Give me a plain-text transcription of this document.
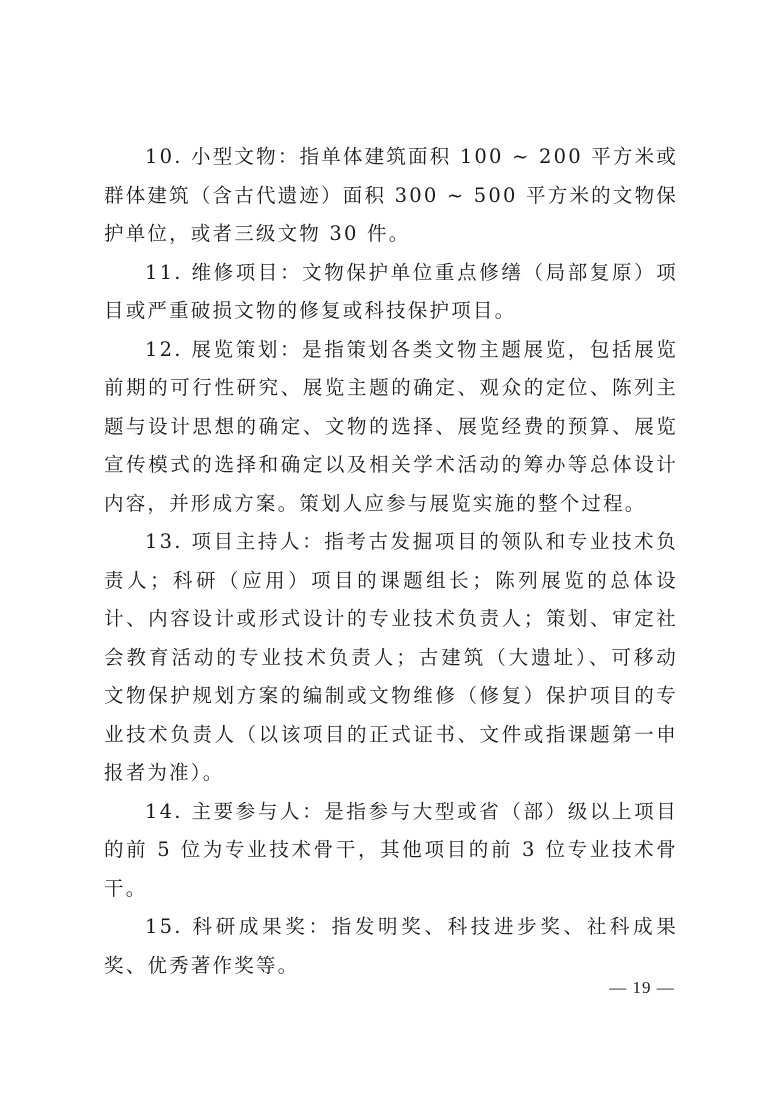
10. 小型文物：指单体建筑面积 100 ~ 200 平方米或群体建筑（含古代遗迹）面积 300 ~ 500 平方米的文物保护单位，或者三级文物 30 件。

11. 维修项目：文物保护单位重点修缮（局部复原）项目或严重破损文物的修复或科技保护项目。

12. 展览策划：是指策划各类文物主题展览，包括展览前期的可行性研究、展览主题的确定、观众的定位、陈列主题与设计思想的确定、文物的选择、展览经费的预算、展览宣传模式的选择和确定以及相关学术活动的筹办等总体设计内容，并形成方案。策划人应参与展览实施的整个过程。

13. 项目主持人：指考古发掘项目的领队和专业技术负责人；科研（应用）项目的课题组长；陈列展览的总体设计、内容设计或形式设计的专业技术负责人；策划、审定社会教育活动的专业技术负责人；古建筑（大遗址）、可移动文物保护规划方案的编制或文物维修（修复）保护项目的专业技术负责人（以该项目的正式证书、文件或指课题第一申报者为准）。

14. 主要参与人：是指参与大型或省（部）级以上项目的前 5 位为专业技术骨干，其他项目的前 3 位专业技术骨干。

15. 科研成果奖：指发明奖、科技进步奖、社科成果奖、优秀著作奖等。

— 19 —
